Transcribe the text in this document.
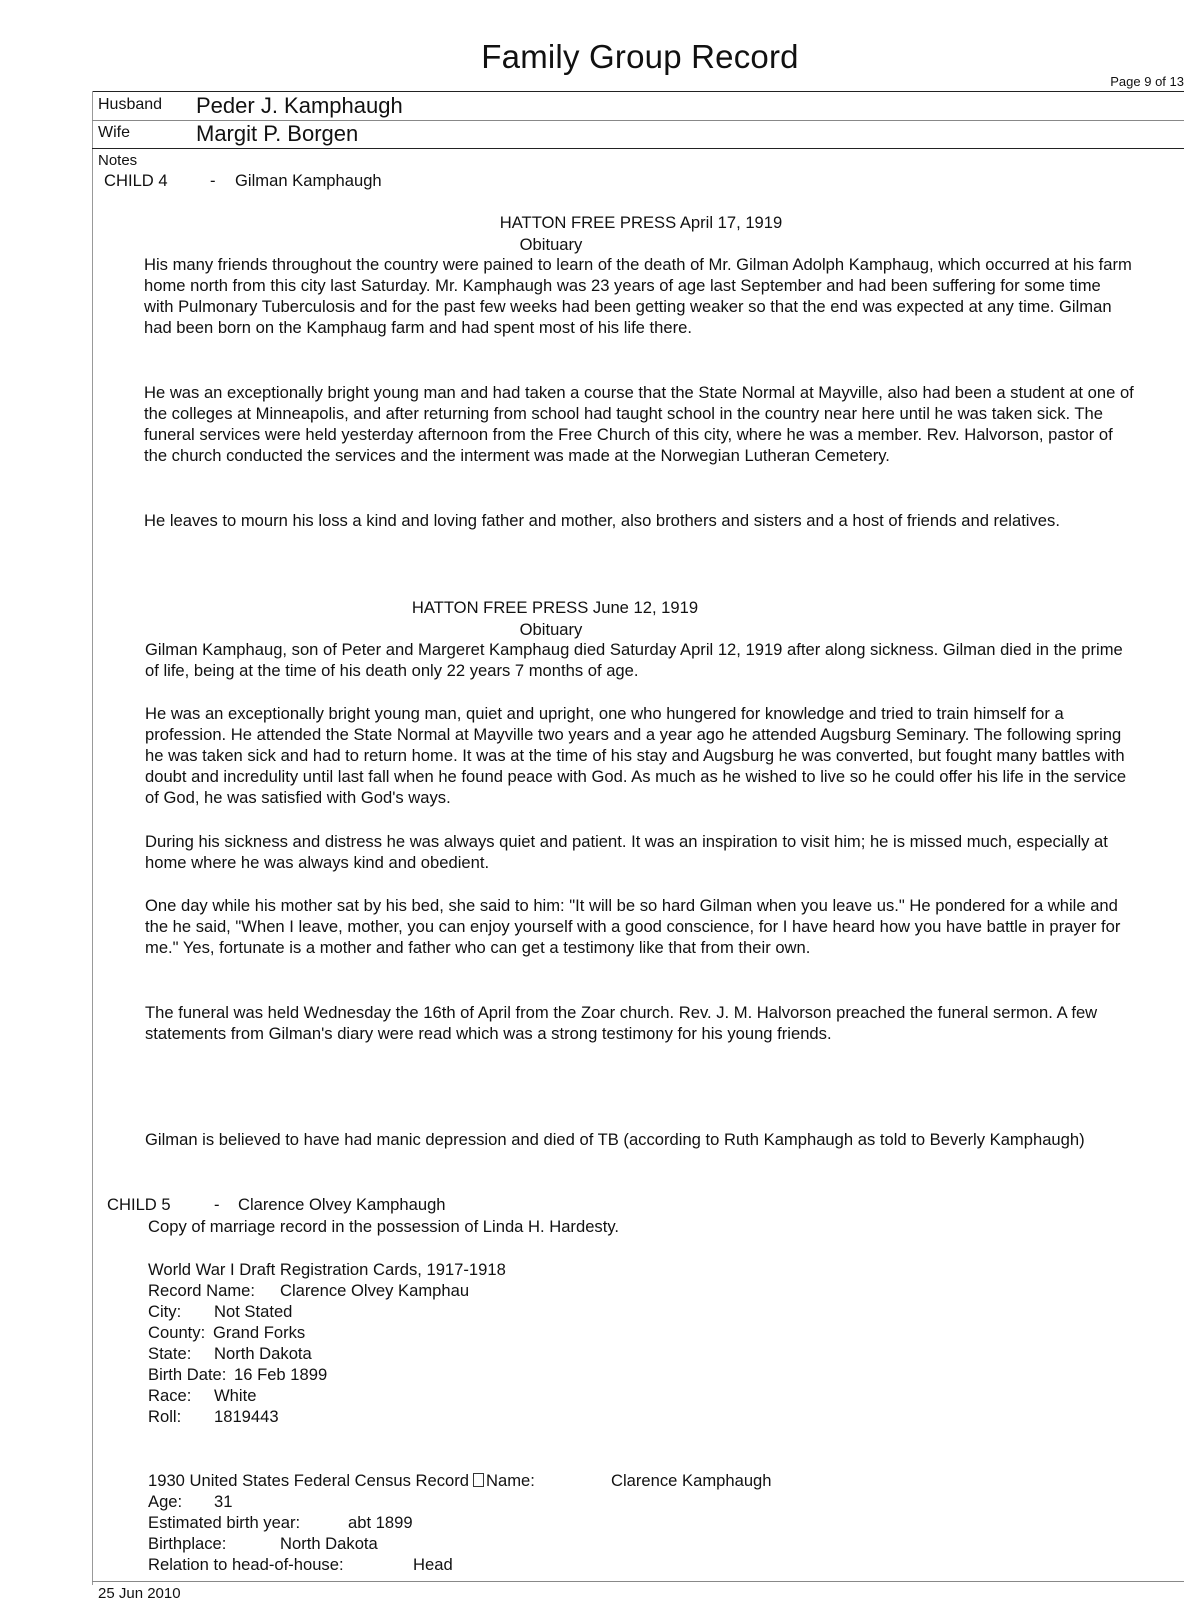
Family Group Record
Page 9 of 13
Husband Peder J. Kamphaugh
Wife	Margit P. Borgen
Notes
CHILD 4	- Gilman Kamphaugh
HATTON FREE PRESS April 17, 1919
Obituary
His many friends throughout the country were pained to learn of the death of Mr. Gilman Adolph Kamphaug, which occurred at his farm home north from this city last Saturday. Mr. Kamphaugh was 23 years of age last September and had been suffering for some time with Pulmonary Tuberculosis and for the past few weeks had been getting weaker so that the end was expected at any time. Gilman had been born on the Kamphaug farm and had spent most of his life there.
He was an exceptionally bright young man and had taken a course that the State Normal at Mayville, also had been a student at one of the colleges at Minneapolis, and after returning from school had taught school in the country near here until he was taken sick. The funeral services were held yesterday afternoon from the Free Church of this city, where he was a member. Rev. Halvorson, pastor of the church conducted the services and the interment was made at the Norwegian Lutheran Cemetery.
He leaves to mourn his loss a kind and loving father and mother, also brothers and sisters and a host of friends and relatives.
HATTON FREE PRESS June 12, 1919
Obituary
Gilman Kamphaug, son of Peter and Margeret Kamphaug died Saturday April 12, 1919 after along sickness. Gilman died in the prime of life, being at the time of his death only 22 years 7 months of age.
He was an exceptionally bright young man, quiet and upright, one who hungered for knowledge and tried to train himself for a profession. He attended the State Normal at Mayville two years and a year ago he attended Augsburg Seminary. The following spring he was taken sick and had to return home. It was at the time of his stay and Augsburg he was converted, but fought many battles with doubt and incredulity until last fall when he found peace with God. As much as he wished to live so he could offer his life in the service of God, he was satisfied with God's ways.
During his sickness and distress he was always quiet and patient. It was an inspiration to visit him; he is missed much, especially at home where he was always kind and obedient.
One day while his mother sat by his bed, she said to him: "It will be so hard Gilman when you leave us." He pondered for a while and the he said, "When I leave, mother, you can enjoy yourself with a good conscience, for I have heard how you have battle in prayer for me." Yes, fortunate is a mother and father who can get a testimony like that from their own.
The funeral was held Wednesday the 16th of April from the Zoar church. Rev. J. M. Halvorson preached the funeral sermon. A few statements from Gilman's diary were read which was a strong testimony for his young friends.
Gilman is believed to have had manic depression and died of TB (according to Ruth Kamphaugh as told to Beverly Kamphaugh)
CHILD 5	- Clarence Olvey Kamphaugh
Copy of marriage record in the possession of Linda H. Hardesty.
World War I Draft Registration Cards, 1917-1918
Record Name: Clarence Olvey Kamphau
City: Not Stated
County: Grand Forks
State: North Dakota
Birth Date: 16 Feb 1899
Race: White
Roll: 1819443
1930 United States Federal Census Record Name:	Clarence Kamphaugh
Age: 31
Estimated birth year:	abt 1899
Birthplace:	North Dakota
Relation to head-of-house:	Head
25 Jun 2010
